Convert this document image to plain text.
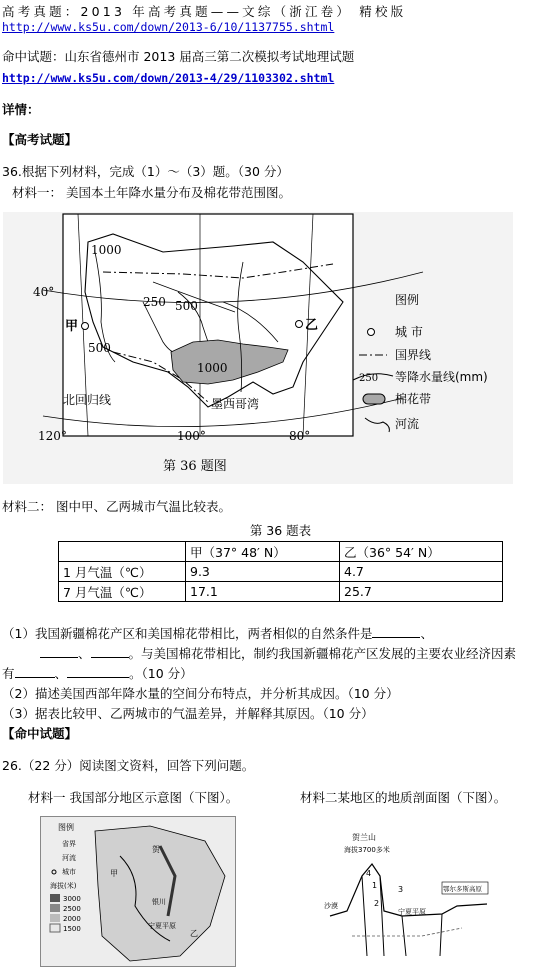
高考真题：2013 年高考真题——文综（浙江卷） 精校版
http://www.ks5u.com/down/2013-6/10/1137755.shtml
命中试题：山东省德州市 2013 届高三第二次模拟考试地理试题
http://www.ks5u.com/down/2013-4/29/1103302.shtml
详情：
【高考试题】
36.根据下列材料，完成（1）～（3）题。（30 分）
材料一： 美国本土年降水量分布及棉花带范围图。
1000
40°
250 500
甲
500
乙
1000
北回归线	墨西哥湾
120°	100°	80°
第 36 题图
图例
城 市
国界线
250 等降水量线(mm)
棉花带
河流
材料二： 图中甲、乙两城市气温比较表。
第 36 题表
	甲（37° 48′ N）	乙（36° 54′ N）
1 月气温（℃）	9.3	4.7
7 月气温（℃）	17.1	25.7
（1）我国新疆棉花产区和美国棉花带相比，两者相似的自然条件是	、
、	。与美国棉花带相比，制约我国新疆棉花产区发展的主要农业经济因素
有	、	。（10 分）
（2）描述美国西部年降水量的空间分布特点，并分析其成因。（10 分）
（3）据表比较甲、乙两城市的气温差异，并解释其原因。（10 分）
【命中试题】
26.（22 分）阅读图文资料，回答下列问题。
材料一 我国部分地区示意图（下图）。	材料二某地区的地质剖面图（下图）。
图例
省界
河流
城市
海拔(米)
3000
2500
2000
1500
贺
宁夏平原
银川
甲
乙
贺兰山
海拔3700多米
4
1	3
2
宁夏平原
沙漠
鄂尔多斯高原
